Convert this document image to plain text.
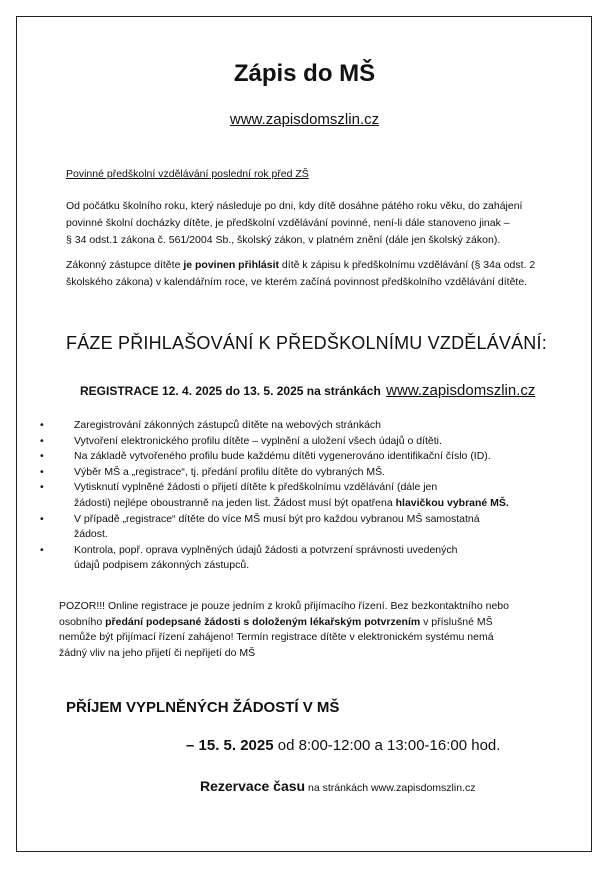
Zápis do MŠ
www.zapisdomszlin.cz
Povinné předškolní vzdělávání poslední rok před ZŠ
Od počátku školního roku, který následuje po dni, kdy dítě dosáhne pátého roku věku, do zahájení
povinné školní docházky dítěte, je předškolní vzdělávání povinné, není-li dále stanoveno jinak –
§ 34 odst.1 zákona č. 561/2004 Sb., školský zákon, v platném znění (dále jen školský zákon).
Zákonný zástupce dítěte je povinen přihlásit dítě k zápisu k předškolnímu vzdělávání (§ 34a odst. 2
školského zákona) v kalendářním roce, ve kterém začíná povinnost předškolního vzdělávání dítěte.
FÁZE PŘIHLAŠOVÁNÍ K PŘEDŠKOLNÍMU VZDĚLÁVÁNÍ:
REGISTRACE 12. 4. 2025 do 13. 5. 2025 na stránkách www.zapisdomszlin.cz
•	Zaregistrování zákonných zástupců dítěte na webových stránkách
•	Vytvoření elektronického profilu dítěte – vyplnění a uložení všech údajů o dítěti.
•	Na základě vytvořeného profilu bude každému dítěti vygenerováno identifikační číslo (ID).
•	Výběr MŠ a „registrace“, tj. předání profilu dítěte do vybraných MŠ.
•	Vytisknutí vyplněné žádosti o přijetí dítěte k předškolnímu vzdělávání (dále jen
žádosti) nejlépe oboustranně na jeden list. Žádost musí být opatřena hlavičkou vybrané MŠ.
•	V případě „registrace“ dítěte do více MŠ musí být pro každou vybranou MŠ samostatná
žádost.
•	Kontrola, popř. oprava vyplněných údajů žádosti a potvrzení správnosti uvedených
údajů podpisem zákonných zástupců.
POZOR!!! Online registrace je pouze jedním z kroků přijímacího řízení. Bez bezkontaktního nebo
osobního předání podepsané žádosti s doloženým lékařským potvrzením v příslušné MŠ
nemůže být přijímací řízení zahájeno! Termín registrace dítěte v elektronickém systému nemá
žádný vliv na jeho přijetí či nepřijetí do MŠ
PŘÍJEM VYPLNĚNÝCH ŽÁDOSTÍ V MŠ
– 15. 5. 2025 od 8:00-12:00 a 13:00-16:00 hod.
Rezervace času na stránkách www.zapisdomszlin.cz
